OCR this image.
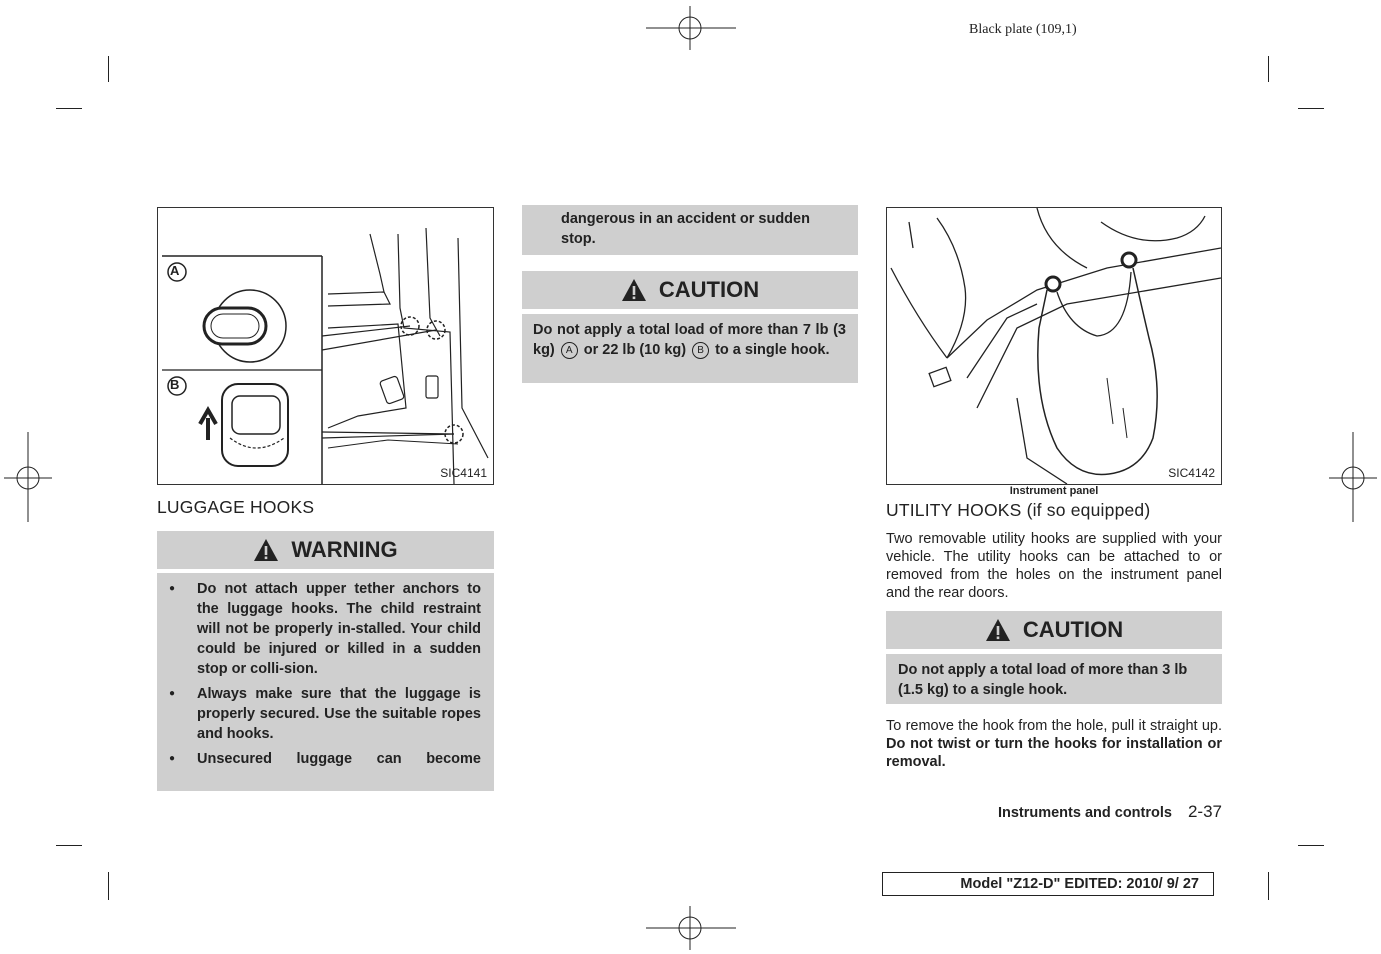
Black plate (109,1)
A
B
SIC4141
LUGGAGE HOOKS
WARNING
● Do not attach upper tether anchors to the luggage hooks. The child restraint will not be properly in-stalled. Your child could be injured or killed in a sudden stop or colli-sion.
● Always make sure that the luggage is properly secured. Use the suitable ropes and hooks.
● Unsecured luggage can become
dangerous in an accident or sudden stop.
CAUTION
Do not apply a total load of more than 7 lb (3 kg) A or 22 lb (10 kg) B to a single hook.
SIC4142
Instrument panel
UTILITY HOOKS (if so equipped)
Two removable utility hooks are supplied with your vehicle. The utility hooks can be attached to or removed from the holes on the instrument panel and the rear doors.
CAUTION
Do not apply a total load of more than 3 lb (1.5 kg) to a single hook.
To remove the hook from the hole, pull it straight up. Do not twist or turn the hooks for installation or removal.
Instruments and controls 2-37
Model "Z12-D" EDITED: 2010/ 9/ 27
